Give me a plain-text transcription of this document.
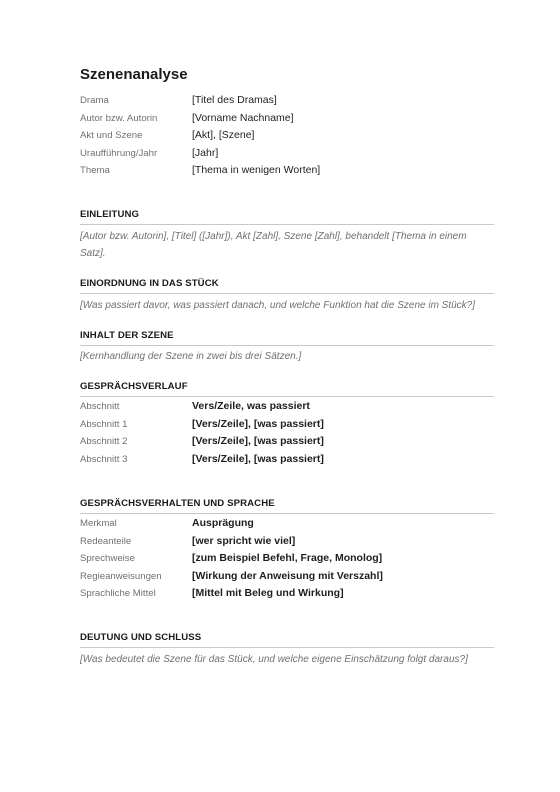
Szenenanalyse
Drama	[Titel des Dramas]
Autor bzw. Autorin	[Vorname Nachname]
Akt und Szene	[Akt], [Szene]
Uraufführung/Jahr	[Jahr]
Thema	[Thema in wenigen Worten]
EINLEITUNG
[Autor bzw. Autorin], [Titel] ([Jahr]), Akt [Zahl], Szene [Zahl], behandelt [Thema in einem Satz].
EINORDNUNG IN DAS STÜCK
[Was passiert davor, was passiert danach, und welche Funktion hat die Szene im Stück?]
INHALT DER SZENE
[Kernhandlung der Szene in zwei bis drei Sätzen.]
GESPRÄCHSVERLAUF
Abschnitt	Vers/Zeile, was passiert
Abschnitt 1	[Vers/Zeile], [was passiert]
Abschnitt 2	[Vers/Zeile], [was passiert]
Abschnitt 3	[Vers/Zeile], [was passiert]
GESPRÄCHSVERHALTEN UND SPRACHE
Merkmal	Ausprägung
Redeanteile	[wer spricht wie viel]
Sprechweise	[zum Beispiel Befehl, Frage, Monolog]
Regieanweisungen	[Wirkung der Anweisung mit Verszahl]
Sprachliche Mittel	[Mittel mit Beleg und Wirkung]
DEUTUNG UND SCHLUSS
[Was bedeutet die Szene für das Stück, und welche eigene Einschätzung folgt daraus?]
